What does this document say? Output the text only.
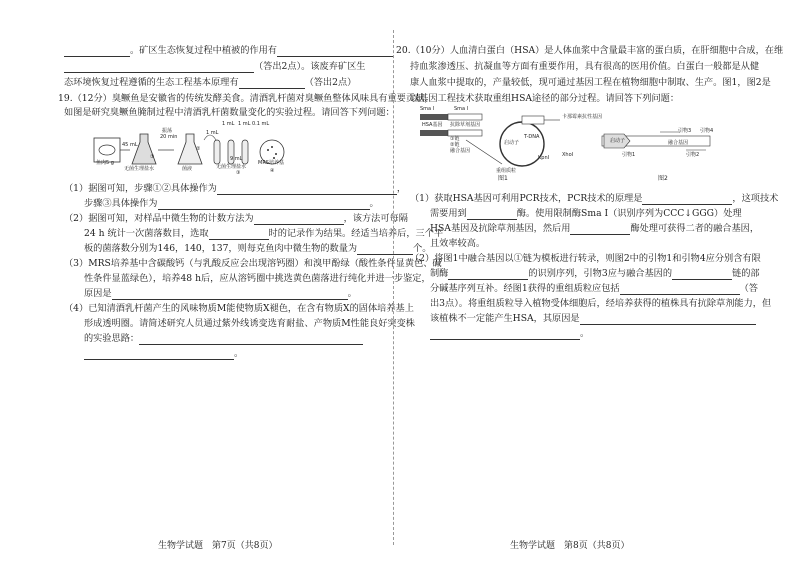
。矿区生态恢复过程中植被的作用有
（答出2点）。该废弃矿区生
态环境恢复过程遵循的生态工程基本原理有	（答出2点）
19.（12分）臭鳜鱼是安徽省的传统发酵美食。清酒乳杆菌对臭鳜鱼整体风味具有重要贡献，
如图是研究臭鳜鱼腌制过程中清酒乳杆菌数量变化的实验过程。请回答下列问题：
鱼肉5 g
无菌生理盐水
45 mL
振荡
20 min
①
菌液
②
1 mL
1 mL 1 mL 0.1 mL
9 mL
无菌生理盐水
③
MRS培养基
④
（1）据图可知，步骤①②具体操作为	，
步骤③具体操作为	。
（2）据图可知，对样品中微生物的计数方法为	，该方法可每隔
24 h 统计一次菌落数目，选取	时的记录作为结果。经适当培养后，三个平
板的菌落数分别为146，140，137，则每克鱼肉中微生物的数量为	个。
（3）MRS培养基中含碳酸钙（与乳酸反应会出现溶钙圈）和溴甲酚绿（酸性条件显黄色、碱
性条件显蓝绿色），培养48 h后，应从溶钙圈中挑选黄色菌落进行纯化并进一步鉴定，
原因是	。
（4）已知清酒乳杆菌产生的风味物质M能使物质X褪色，在含有物质X的固体培养基上
形成透明圈。请简述研究人员通过紫外线诱变选育耐盐、产物质M性能良好突变株
的实验思路：
。
生物学试题　第7页（共8页）
20.（10分）人血清白蛋白（HSA）是人体血浆中含量最丰富的蛋白质，在肝细胞中合成，在维
持血浆渗透压、抗凝血等方面有重要作用，具有很高的医用价值。白蛋白一般都是从健
康人血浆中提取的，产量较低，现可通过基因工程在植物细胞中制取、生产。图1，图2是
以基因工程技术获取重组HSA途径的部分过程。请回答下列问题：
Sma Ⅰ	Sma Ⅰ
HSA基因 抗除草剂基因
①链
②链
融合基因
KpnⅠ	XhoⅠ
启动子
T-DNA
重组质粒
卡那霉素抗性基因
图1
引物3 引物4
启动子	融合基因
引物1	引物2
图2
（1）获取HSA基因可利用PCR技术，PCR技术的原理是	，这项技术
需要用到	酶。使用限制酶Sma Ⅰ（识别序列为CCC↓GGG）处理
HSA基因及抗除草剂基因，然后用	酶处理可获得二者的融合基因，
且效率较高。
（2）将图1中融合基因以①链为模板进行转录，则图2中的引物1和引物4应分别含有限
制酶	的识别序列，引物3应与融合基因的	链的部
分碱基序列互补。经图1获得的重组质粒应包括	（答
出3点）。将重组质粒导入植物受体细胞后，经培养获得的植株具有抗除草剂能力，但
该植株不一定能产生HSA，其原因是
。
生物学试题　第8页（共8页）
